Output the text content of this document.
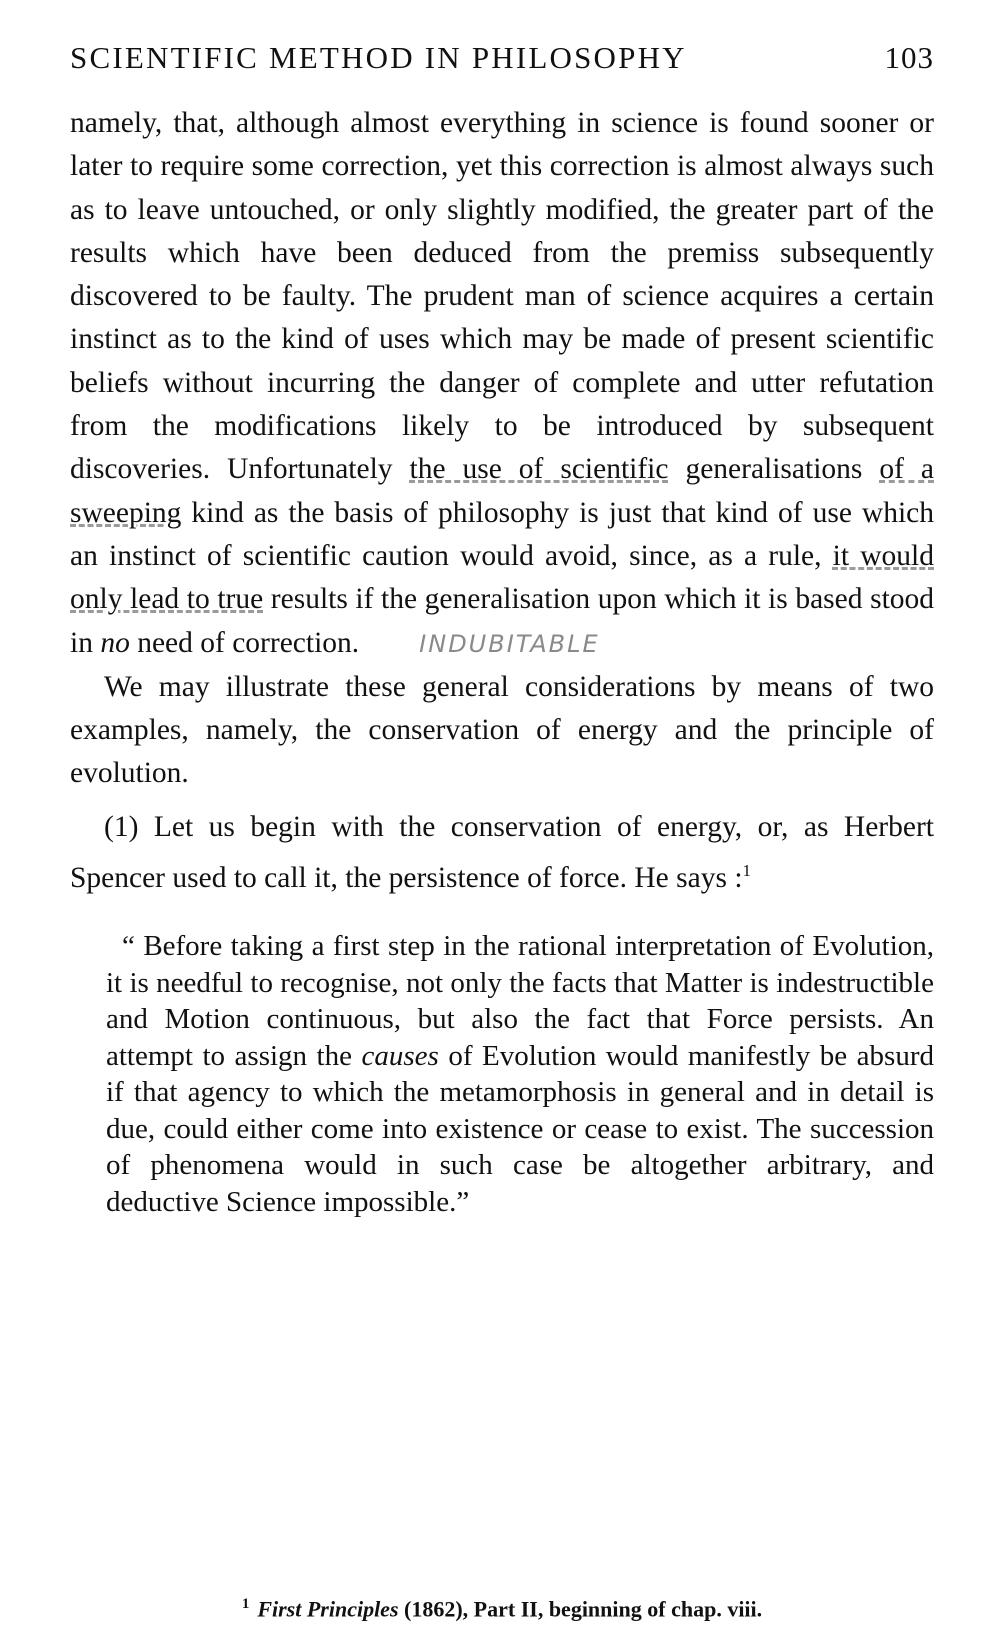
SCIENTIFIC METHOD IN PHILOSOPHY	103

namely, that, although almost everything in science is found sooner or later to require some correction, yet this correction is almost always such as to leave untouched, or only slightly modified, the greater part of the results which have been deduced from the premiss subsequently discovered to be faulty. The prudent man of science acquires a certain instinct as to the kind of uses which may be made of present scientific beliefs without incurring the danger of complete and utter refutation from the modifications likely to be introduced by subsequent discoveries. Unfortunately the use of scientific generalisations of a sweeping kind as the basis of philosophy is just that kind of use which an instinct of scientific caution would avoid, since, as a rule, it would only lead to true results if the generalisation upon which it is based stood in no need of correction.	INDUBITABLE

We may illustrate these general considerations by means of two examples, namely, the conservation of energy and the principle of evolution.

(1) Let us begin with the conservation of energy, or, as Herbert Spencer used to call it, the persistence of force. He says :$^1$

“ Before taking a first step in the rational interpretation of Evolution, it is needful to recognise, not only the facts that Matter is indestructible and Motion continuous, but also the fact that Force persists. An attempt to assign the causes of Evolution would manifestly be absurd if that agency to which the metamorphosis in general and in detail is due, could either come into existence or cease to exist. The succession of phenomena would in such case be altogether arbitrary, and deductive Science impossible.”

$^1$ First Principles (1862), Part II, beginning of chap. viii.
